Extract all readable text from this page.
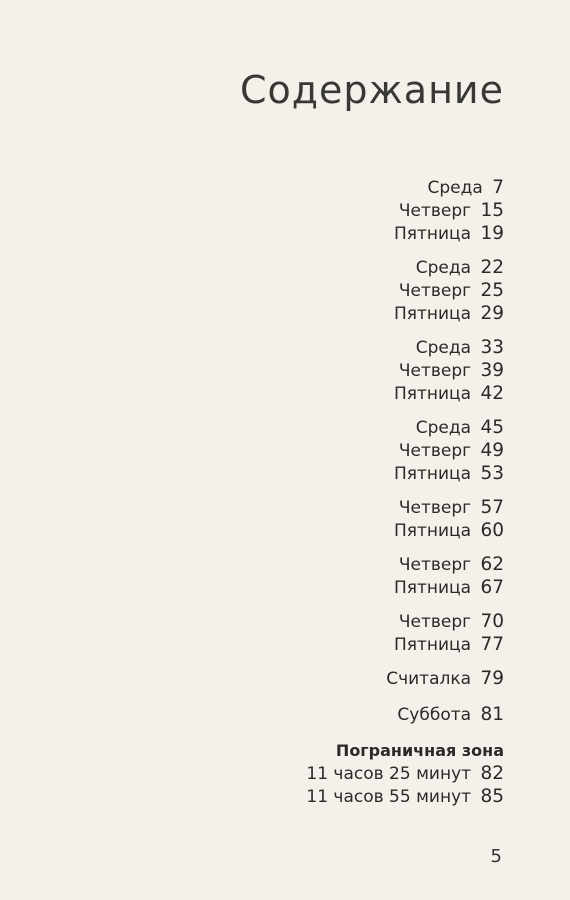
Содержание
Среда 7
Четверг 15
Пятница 19
Среда 22
Четверг 25
Пятница 29
Среда 33
Четверг 39
Пятница 42
Среда 45
Четверг 49
Пятница 53
Четверг 57
Пятница 60
Четверг 62
Пятница 67
Четверг 70
Пятница 77
Считалка 79
Суббота 81
Пограничная зона
11 часов 25 минут 82
11 часов 55 минут 85
5
